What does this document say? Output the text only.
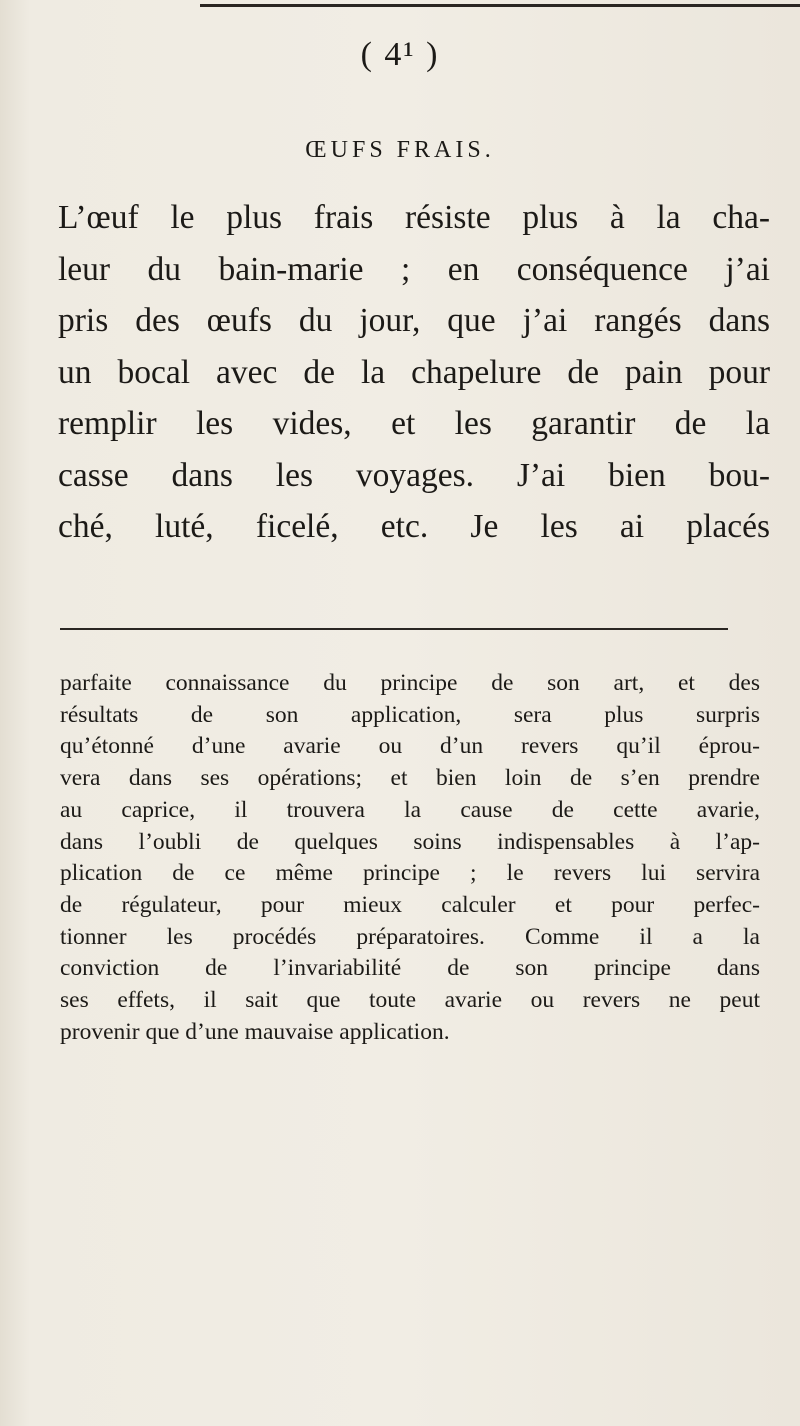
( 4¹ )
ŒUFS FRAIS.

L’œuf le plus frais résiste plus à la cha-
leur du bain-marie ; en conséquence j’ai
pris des œufs du jour, que j’ai rangés dans
un bocal avec de la chapelure de pain pour
remplir les vides, et les garantir de la
casse dans les voyages. J’ai bien bou-
ché, luté, ficelé, etc. Je les ai placés

parfaite connaissance du principe de son art, et des
résultats de son application, sera plus surpris
qu’étonné d’une avarie ou d’un revers qu’il éprou-
vera dans ses opérations; et bien loin de s’en prendre
au caprice, il trouvera la cause de cette avarie,
dans l’oubli de quelques soins indispensables à l’ap-
plication de ce même principe ; le revers lui servira
de régulateur, pour mieux calculer et pour perfec-
tionner les procédés préparatoires. Comme il a la
conviction de l’invariabilité de son principe dans
ses effets, il sait que toute avarie ou revers ne peut
provenir que d’une mauvaise application.
